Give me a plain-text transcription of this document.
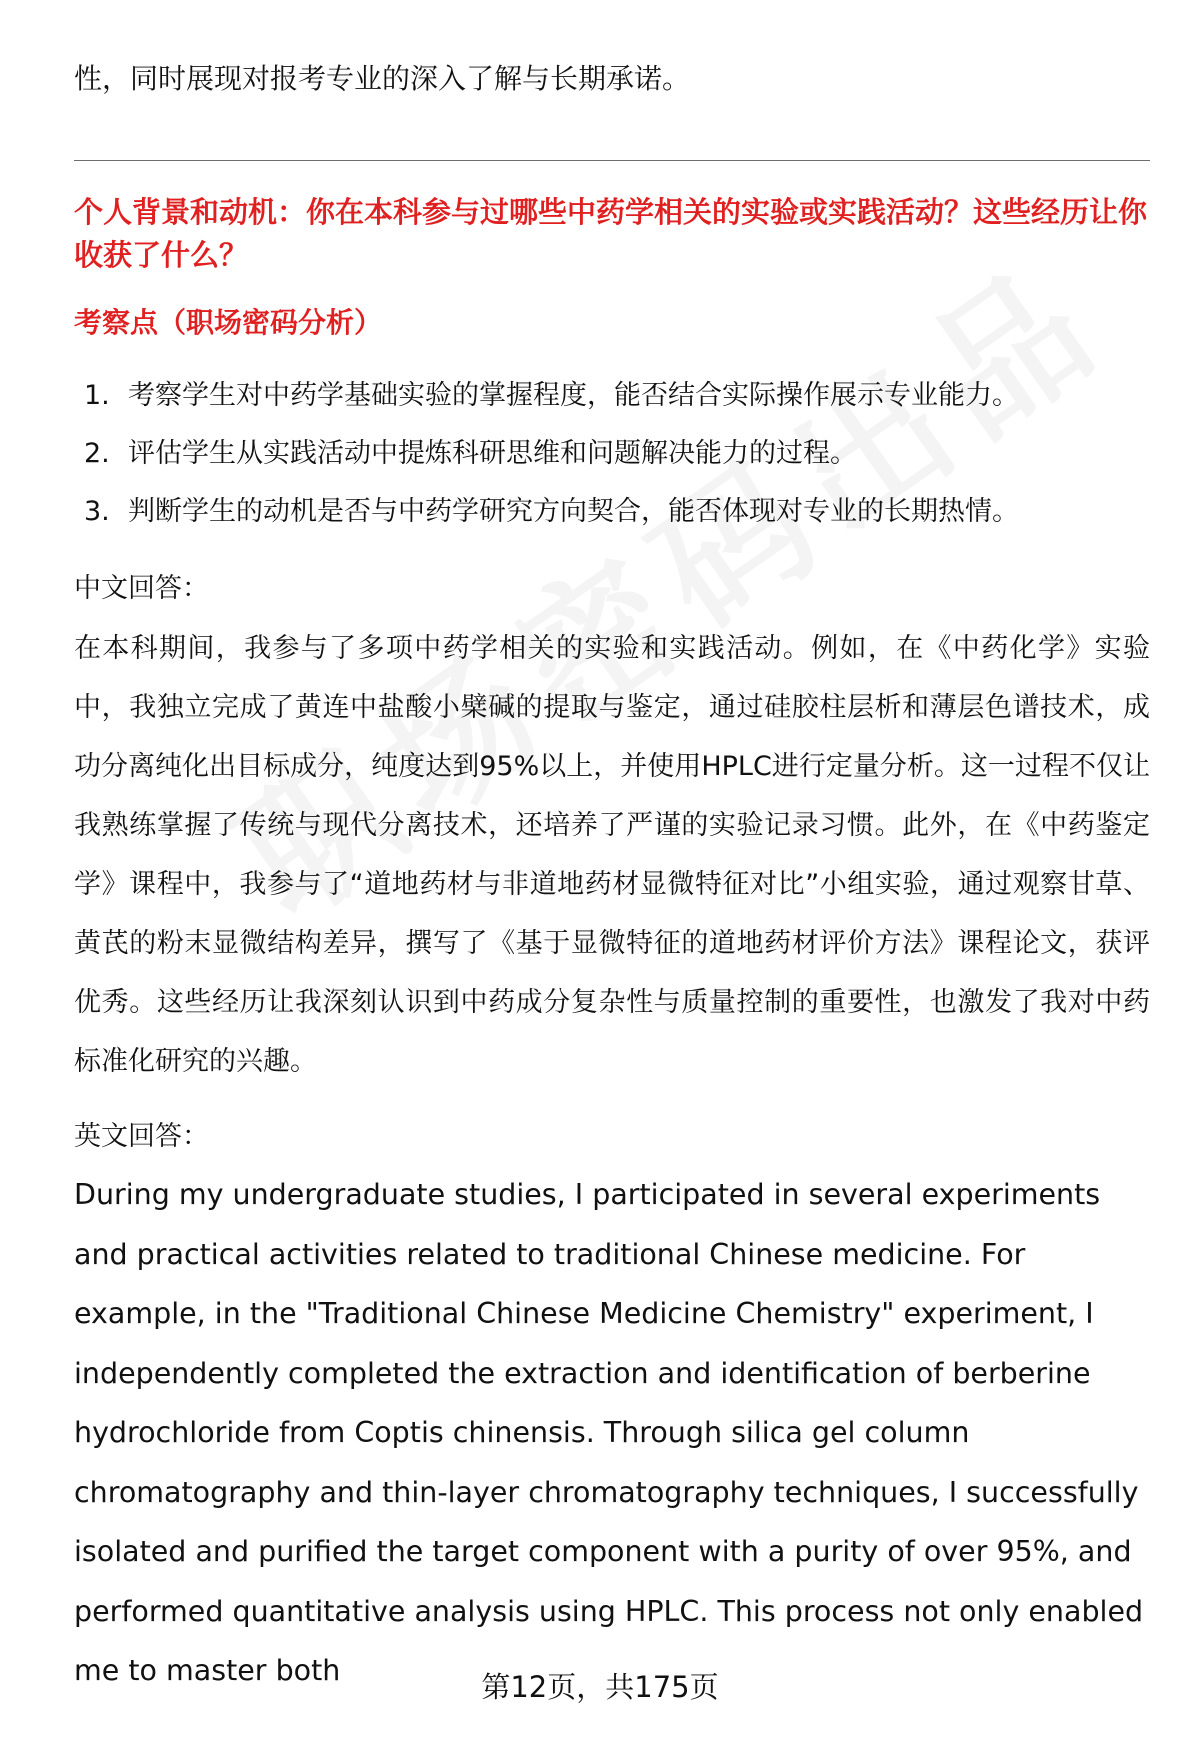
性，同时展现对报考专业的深入了解与长期承诺。

个人背景和动机：你在本科参与过哪些中药学相关的实验或实践活动？这些经历让你收获了什么？

考察点（职场密码分析）

1. 考察学生对中药学基础实验的掌握程度，能否结合实际操作展示专业能力。
2. 评估学生从实践活动中提炼科研思维和问题解决能力的过程。
3. 判断学生的动机是否与中药学研究方向契合，能否体现对专业的长期热情。

中文回答：

在本科期间，我参与了多项中药学相关的实验和实践活动。例如，在《中药化学》实验中，我独立完成了黄连中盐酸小檗碱的提取与鉴定，通过硅胶柱层析和薄层色谱技术，成功分离纯化出目标成分，纯度达到95%以上，并使用HPLC进行定量分析。这一过程不仅让我熟练掌握了传统与现代分离技术，还培养了严谨的实验记录习惯。此外，在《中药鉴定学》课程中，我参与了“道地药材与非道地药材显微特征对比”小组实验，通过观察甘草、黄芪的粉末显微结构差异，撰写了《基于显微特征的道地药材评价方法》课程论文，获评优秀。这些经历让我深刻认识到中药成分复杂性与质量控制的重要性，也激发了我对中药标准化研究的兴趣。

英文回答：

During my undergraduate studies, I participated in several experiments and practical activities related to traditional Chinese medicine. For example, in the "Traditional Chinese Medicine Chemistry" experiment, I independently completed the extraction and identification of berberine hydrochloride from Coptis chinensis. Through silica gel column chromatography and thin-layer chromatography techniques, I successfully isolated and purified the target component with a purity of over 95%, and performed quantitative analysis using HPLC. This process not only enabled me to master both	第12页，共175页
